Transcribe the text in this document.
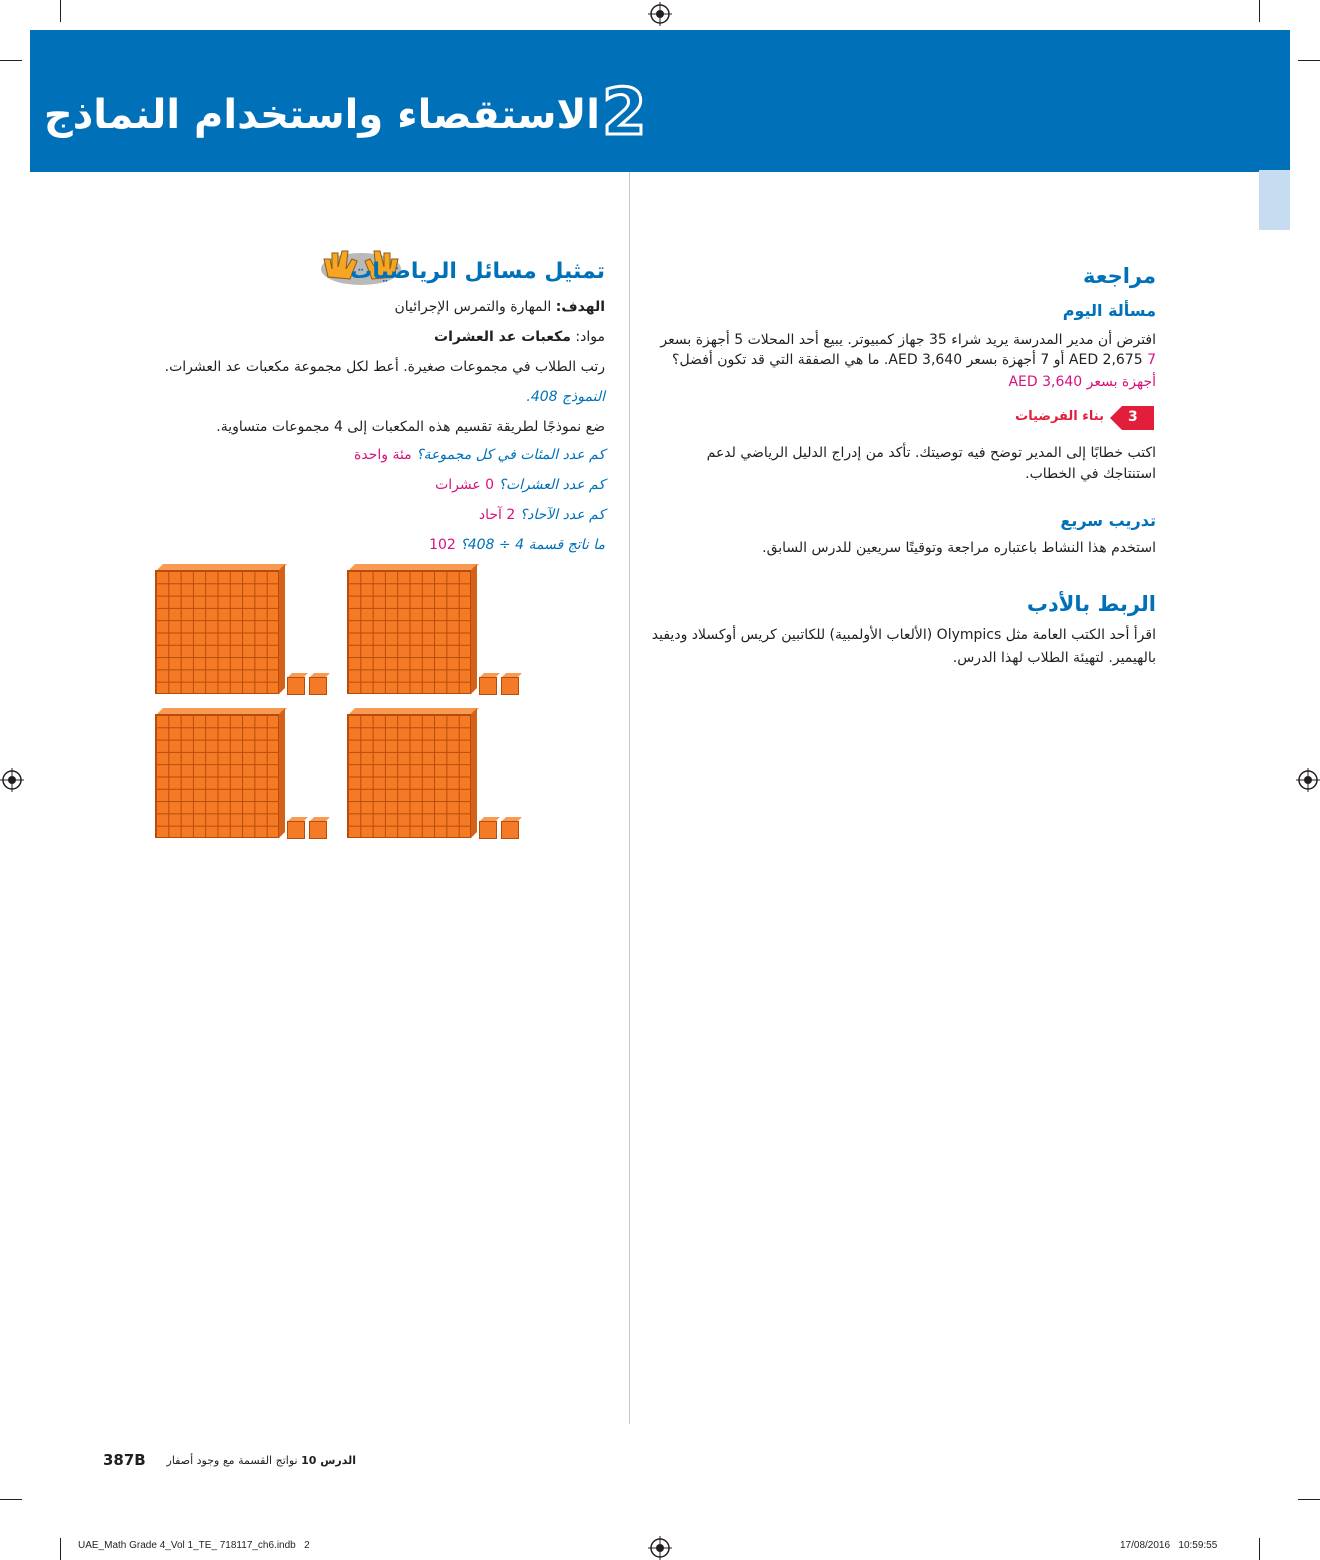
الاستقصاء واستخدام النماذج 2
مراجعة
مسألة اليوم
افترض أن مدير المدرسة يريد شراء 35 جهاز كمبيوتر. يبيع أحد المحلات 5 أجهزة بسعر
7 AED 2,675 أو 7 أجهزة بسعر AED 3,640. ما هي الصفقة التي قد تكون أفضل؟
أجهزة بسعر AED 3,640
3
بناء الفرضيات
اكتب خطابًا إلى المدير توضح فيه توصيتك. تأكد من إدراج الدليل الرياضي لدعم
استنتاجك في الخطاب.
تدريب سريع
استخدم هذا النشاط باعتباره مراجعة وتوقيتًا سريعين للدرس السابق.
الربط بالأدب
اقرأ أحد الكتب العامة مثل Olympics (الألعاب الأولمبية) للكاتبين كريس أوكسلاد وديفيد
بالهيمير. لتهيئة الطلاب لهذا الدرس.
تمثيل مسائل الرياضيات
الهدف: المهارة والتمرس الإجرائيان
مواد: مكعبات عد العشرات
رتب الطلاب في مجموعات صغيرة. أعط لكل مجموعة مكعبات عد العشرات.
النموذج 408.
ضع نموذجًا لطريقة تقسيم هذه المكعبات إلى 4 مجموعات متساوية.
كم عدد المئات في كل مجموعة؟ مئة واحدة
كم عدد العشرات؟ 0 عشرات
كم عدد الآحاد؟ 2 آحاد
ما ناتج قسمة 4 ÷ 408؟ 102
387B	الدرس 10 نواتج القسمة مع وجود أصفار
UAE_Math Grade 4_Vol 1_TE_ 718117_ch6.indb   2	17/08/2016   10:59:55
